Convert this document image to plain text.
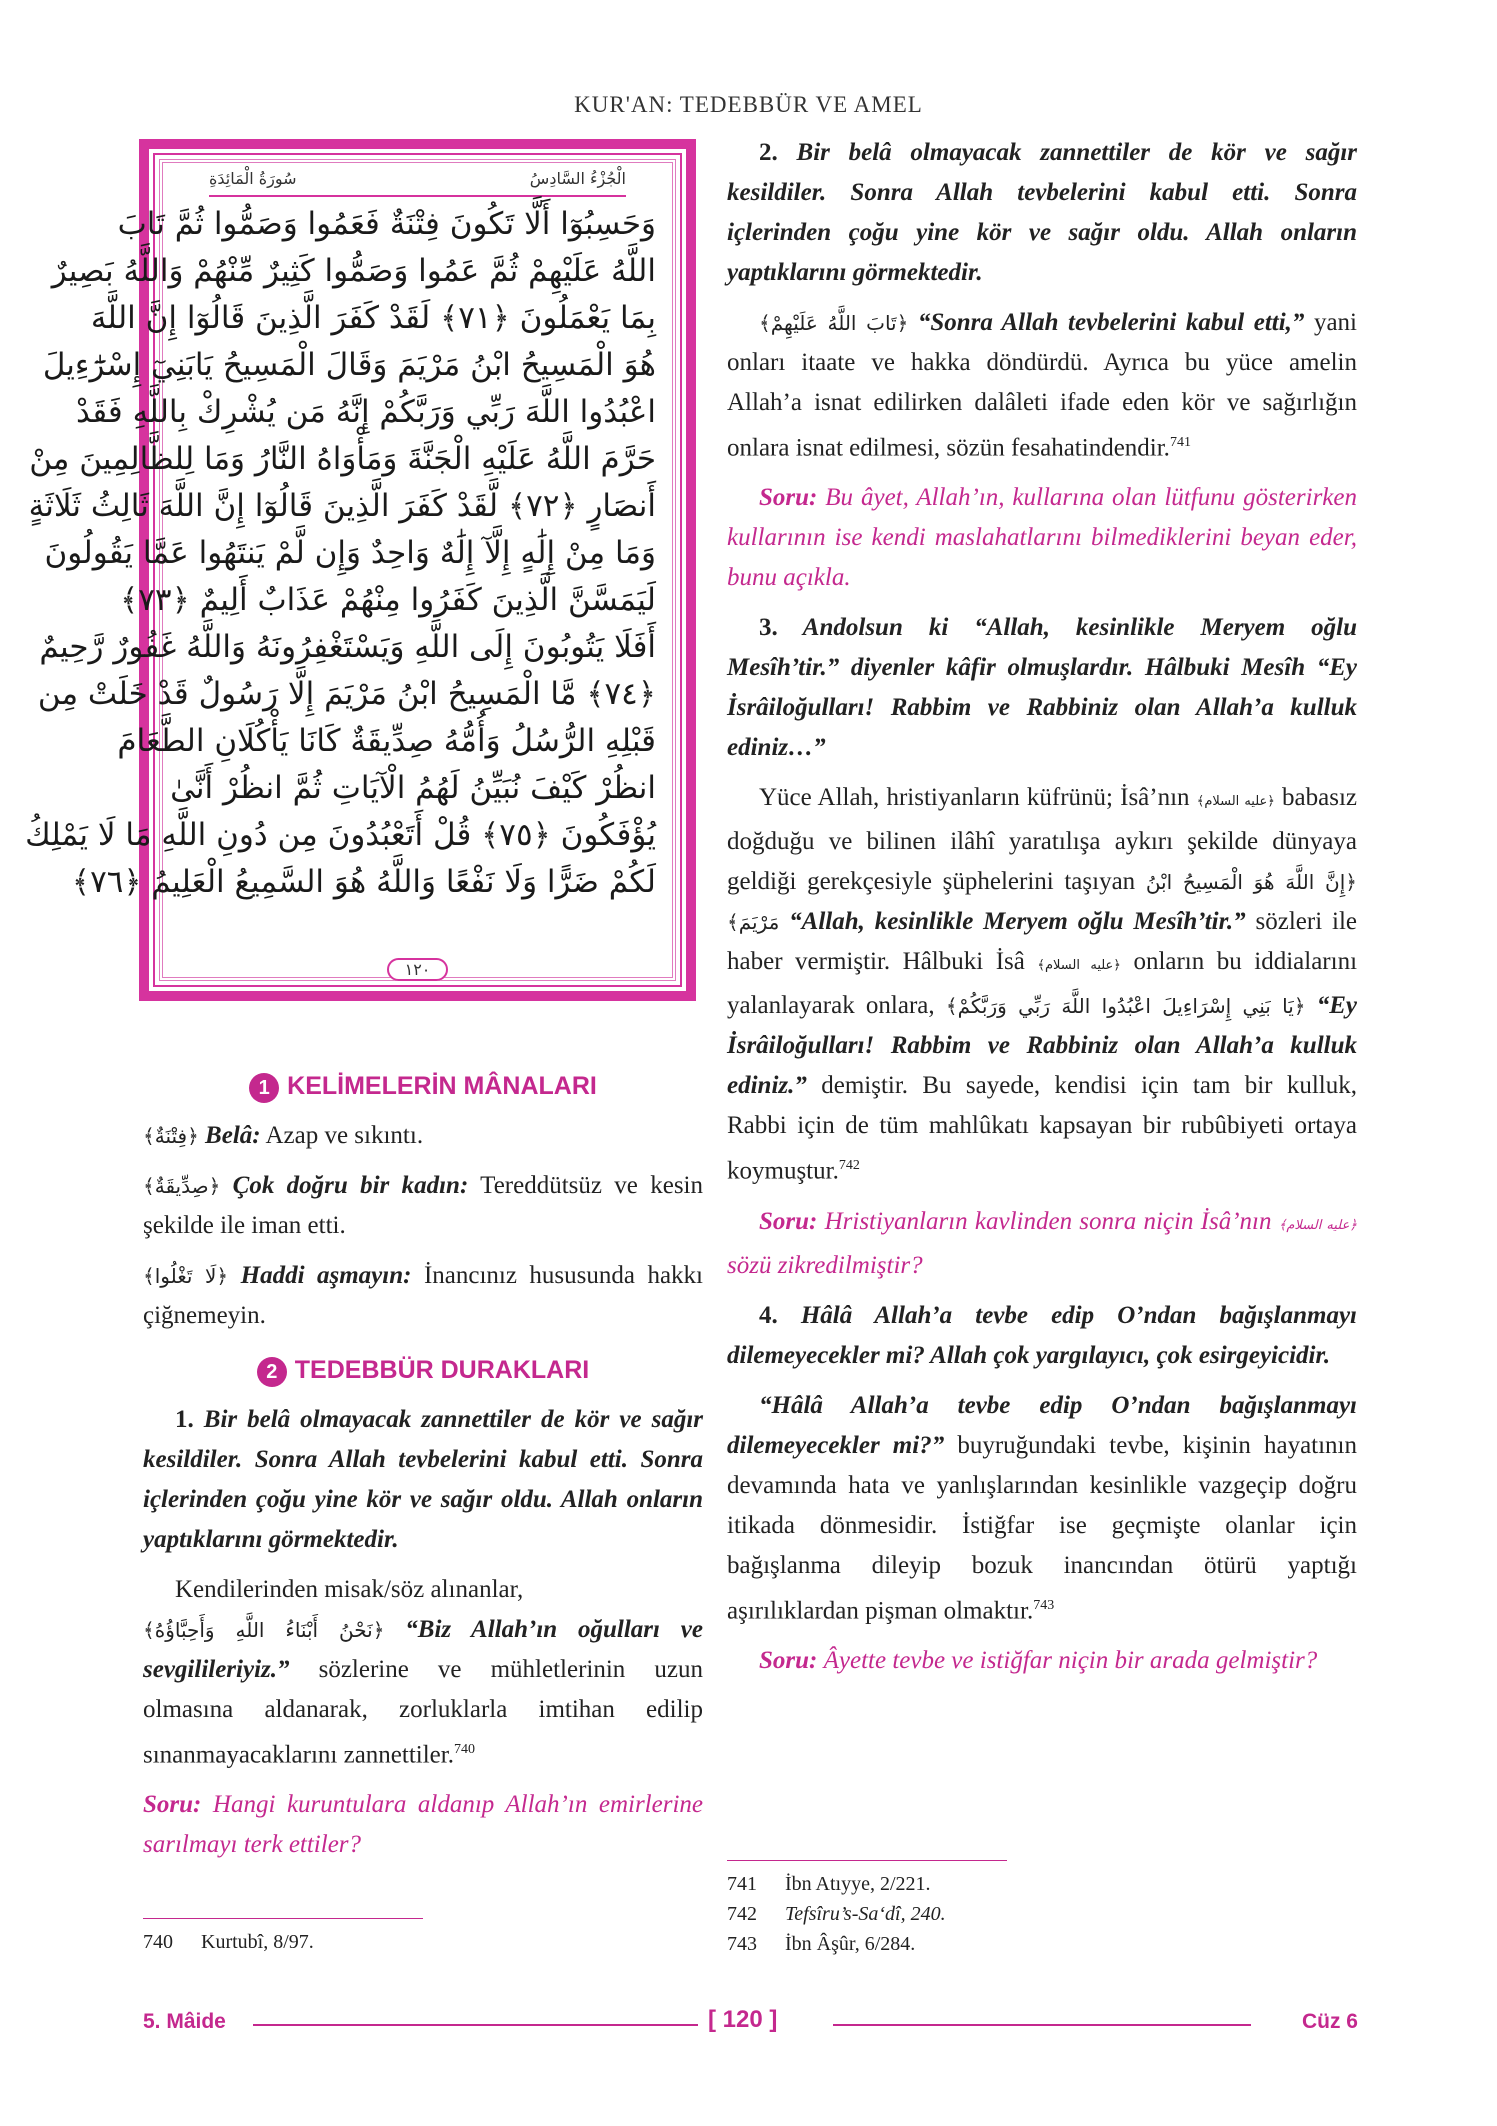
KUR'AN: TEDEBBÜR VE AMEL
الْجُزْءُ السَّادِسُ
سُورَةُ الْمَائِدَةِ
وَحَسِبُوٓا أَلَّا تَكُونَ فِتْنَةٌ فَعَمُوا وَصَمُّوا ثُمَّ تَابَ
اللَّهُ عَلَيْهِمْ ثُمَّ عَمُوا وَصَمُّوا كَثِيرٌ مِّنْهُمْ وَاللَّهُ بَصِيرٌ
بِمَا يَعْمَلُونَ ﴿٧١﴾ لَقَدْ كَفَرَ الَّذِينَ قَالُوٓا إِنَّ اللَّهَ
هُوَ الْمَسِيحُ ابْنُ مَرْيَمَ وَقَالَ الْمَسِيحُ يَابَنِيٓ إِسْرَٰٓءِيلَ
اعْبُدُوا اللَّهَ رَبِّي وَرَبَّكُمْ إِنَّهُ مَن يُشْرِكْ بِاللَّهِ فَقَدْ
حَرَّمَ اللَّهُ عَلَيْهِ الْجَنَّةَ وَمَأْوَاهُ النَّارُ وَمَا لِلظَّالِمِينَ مِنْ
أَنصَارٍ ﴿٧٢﴾ لَّقَدْ كَفَرَ الَّذِينَ قَالُوٓا إِنَّ اللَّهَ ثَالِثُ ثَلَاثَةٍ
وَمَا مِنْ إِلَٰهٍ إِلَّآ إِلَٰهٌ وَاحِدٌ وَإِن لَّمْ يَنتَهُوا عَمَّا يَقُولُونَ
لَيَمَسَّنَّ الَّذِينَ كَفَرُوا مِنْهُمْ عَذَابٌ أَلِيمٌ ﴿٧٣﴾
أَفَلَا يَتُوبُونَ إِلَى اللَّهِ وَيَسْتَغْفِرُونَهُ وَاللَّهُ غَفُورٌ رَّحِيمٌ
﴿٧٤﴾ مَّا الْمَسِيحُ ابْنُ مَرْيَمَ إِلَّا رَسُولٌ قَدْ خَلَتْ مِن
قَبْلِهِ الرُّسُلُ وَأُمُّهُ صِدِّيقَةٌ كَانَا يَأْكُلَانِ الطَّعَامَ
انظُرْ كَيْفَ نُبَيِّنُ لَهُمُ الْآيَاتِ ثُمَّ انظُرْ أَنَّىٰ
يُؤْفَكُونَ ﴿٧٥﴾ قُلْ أَتَعْبُدُونَ مِن دُونِ اللَّهِ مَا لَا يَمْلِكُ
لَكُمْ ضَرًّا وَلَا نَفْعًا وَاللَّهُ هُوَ السَّمِيعُ الْعَلِيمُ ﴿٧٦﴾
١٢٠
1 KELİMELERİN MÂNALARI

﴿فِتْنَةٌ﴾ Belâ: Azap ve sıkıntı.

﴿صِدِّيقَةٌ﴾ Çok doğru bir kadın: Tereddütsüz ve kesin şekilde ile iman etti.

﴿لَا تَغْلُوا﴾ Haddi aşmayın: İnancınız hususunda hakkı çiğnemeyin.

2 TEDEBBÜR DURAKLARI

1. Bir belâ olmayacak zannettiler de kör ve sağır kesildiler. Sonra Allah tevbelerini kabul etti. Sonra içlerinden çoğu yine kör ve sağır oldu. Allah onların yaptıklarını görmektedir.

Kendilerinden misak/söz alınanlar,
﴿نَحْنُ أَبْنَاءُ اللَّهِ وَأَحِبَّاؤُهُ﴾ “Biz Allah’ın oğulları ve sevgilileriyiz.” sözlerine ve mühletlerinin uzun olmasına aldanarak, zorluklarla imtihan edilip sınanmayacaklarını zannettiler.$^{740}$

Soru: Hangi kuruntulara aldanıp Allah’ın emirlerine sarılmayı terk ettiler?

740 Kurtubî, 8/97.

2. Bir belâ olmayacak zannettiler de kör ve sağır kesildiler. Sonra Allah tevbelerini kabul etti. Sonra içlerinden çoğu yine kör ve sağır oldu. Allah onların yaptıklarını görmektedir.

﴿تَابَ اللَّهُ عَلَيْهِمْ﴾ “Sonra Allah tevbelerini kabul etti,” yani onları itaate ve hakka döndürdü. Ayrıca bu yüce amelin Allah’a isnat edilirken dalâleti ifade eden kör ve sağırlığın onlara isnat edilmesi, sözün fesahatindendir.$^{741}$

Soru: Bu âyet, Allah’ın, kullarına olan lütfunu gösterirken kullarının ise kendi maslahatlarını bilmediklerini beyan eder, bunu açıkla.

3. Andolsun ki “Allah, kesinlikle Meryem oğlu Mesîh’tir.” diyenler kâfir olmuşlardır. Hâlbuki Mesîh “Ey İsrâiloğulları! Rabbim ve Rabbiniz olan Allah’a kulluk ediniz…”

Yüce Allah, hristiyanların küfrünü; İsâ’nın ﴿عليه السلام﴾ babasız doğduğu ve bilinen ilâhî yaratılışa aykırı şekilde dünyaya geldiği gerekçesiyle şüphelerini taşıyan ﴿إِنَّ اللَّهَ هُوَ الْمَسِيحُ ابْنُ مَرْيَمَ﴾ “Allah, kesinlikle Meryem oğlu Mesîh’tir.” sözleri ile haber vermiştir. Hâlbuki İsâ ﴿عليه السلام﴾ onların bu iddialarını yalanlayarak onlara, ﴿يَا بَنِي إِسْرَاءِيلَ اعْبُدُوا اللَّهَ رَبِّي وَرَبَّكُمْ﴾ “Ey İsrâiloğulları! Rabbim ve Rabbiniz olan Allah’a kulluk ediniz.” demiştir. Bu sayede, kendisi için tam bir kulluk, Rabbi için de tüm mahlûkatı kapsayan bir rubûbiyeti ortaya koymuştur.$^{742}$

Soru: Hristiyanların kavlinden sonra niçin İsâ’nın ﴿عليه السلام﴾ sözü zikredilmiştir?

4. Hâlâ Allah’a tevbe edip O’ndan bağışlanmayı dilemeyecekler mi? Allah çok yargılayıcı, çok esirgeyicidir.

“Hâlâ Allah’a tevbe edip O’ndan bağışlanmayı dilemeyecekler mi?” buyruğundaki tevbe, kişinin hayatının devamında hata ve yanlışlarından kesinlikle vazgeçip doğru itikada dönmesidir. İstiğfar ise geçmişte olanlar için bağışlanma dileyip bozuk inancından ötürü yaptığı aşırılıklardan pişman olmaktır.$^{743}$

Soru: Âyette tevbe ve istiğfar niçin bir arada gelmiştir?

741 İbn Atıyye, 2/221.
742 Tefsîru’s-Sa‘dî, 240.
743 İbn Âşûr, 6/284.
5. Mâide	[ 120 ]	Cüz 6
